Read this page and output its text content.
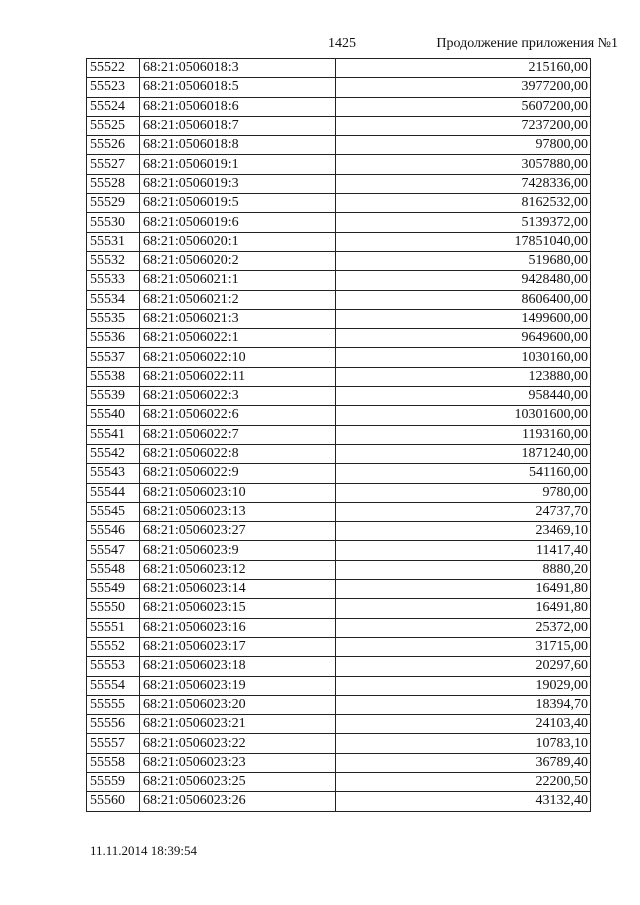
1425	Продолжение приложения №1
55522	68:21:0506018:3	215160,00
55523	68:21:0506018:5	3977200,00
55524	68:21:0506018:6	5607200,00
55525	68:21:0506018:7	7237200,00
55526	68:21:0506018:8	97800,00
55527	68:21:0506019:1	3057880,00
55528	68:21:0506019:3	7428336,00
55529	68:21:0506019:5	8162532,00
55530	68:21:0506019:6	5139372,00
55531	68:21:0506020:1	17851040,00
55532	68:21:0506020:2	519680,00
55533	68:21:0506021:1	9428480,00
55534	68:21:0506021:2	8606400,00
55535	68:21:0506021:3	1499600,00
55536	68:21:0506022:1	9649600,00
55537	68:21:0506022:10	1030160,00
55538	68:21:0506022:11	123880,00
55539	68:21:0506022:3	958440,00
55540	68:21:0506022:6	10301600,00
55541	68:21:0506022:7	1193160,00
55542	68:21:0506022:8	1871240,00
55543	68:21:0506022:9	541160,00
55544	68:21:0506023:10	9780,00
55545	68:21:0506023:13	24737,70
55546	68:21:0506023:27	23469,10
55547	68:21:0506023:9	11417,40
55548	68:21:0506023:12	8880,20
55549	68:21:0506023:14	16491,80
55550	68:21:0506023:15	16491,80
55551	68:21:0506023:16	25372,00
55552	68:21:0506023:17	31715,00
55553	68:21:0506023:18	20297,60
55554	68:21:0506023:19	19029,00
55555	68:21:0506023:20	18394,70
55556	68:21:0506023:21	24103,40
55557	68:21:0506023:22	10783,10
55558	68:21:0506023:23	36789,40
55559	68:21:0506023:25	22200,50
55560	68:21:0506023:26	43132,40
11.11.2014 18:39:54
